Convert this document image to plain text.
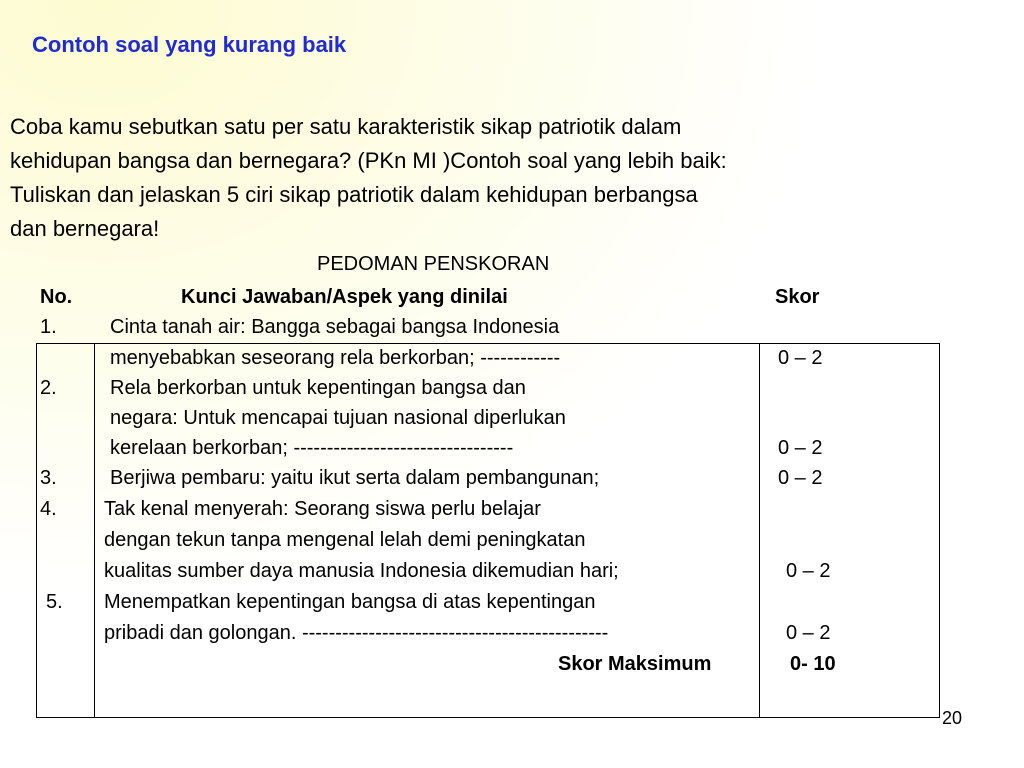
Contoh soal yang kurang baik
Coba kamu sebutkan satu per satu karakteristik sikap patriotik dalam
kehidupan bangsa dan bernegara? (PKn MI )Contoh soal yang lebih baik:
Tuliskan dan jelaskan 5 ciri sikap patriotik dalam kehidupan berbangsa
dan bernegara!
PEDOMAN PENSKORAN
No.	Kunci Jawaban/Aspek yang dinilai	Skor
1.	Cinta tanah air: Bangga sebagai bangsa Indonesia
menyebabkan seseorang rela berkorban; ------------	0 – 2
2.	Rela berkorban untuk kepentingan bangsa dan
negara: Untuk mencapai tujuan nasional diperlukan
kerelaan berkorban; ---------------------------------	0 – 2
3.	Berjiwa pembaru: yaitu ikut serta dalam pembangunan;	0 – 2
4. Tak kenal menyerah: Seorang siswa perlu belajar
dengan tekun tanpa mengenal lelah demi peningkatan
kualitas sumber daya manusia Indonesia dikemudian hari;	0 – 2
5. Menempatkan kepentingan bangsa di atas kepentingan
pribadi dan golongan. ----------------------------------------------	0 – 2
Skor Maksimum	0- 10
20
